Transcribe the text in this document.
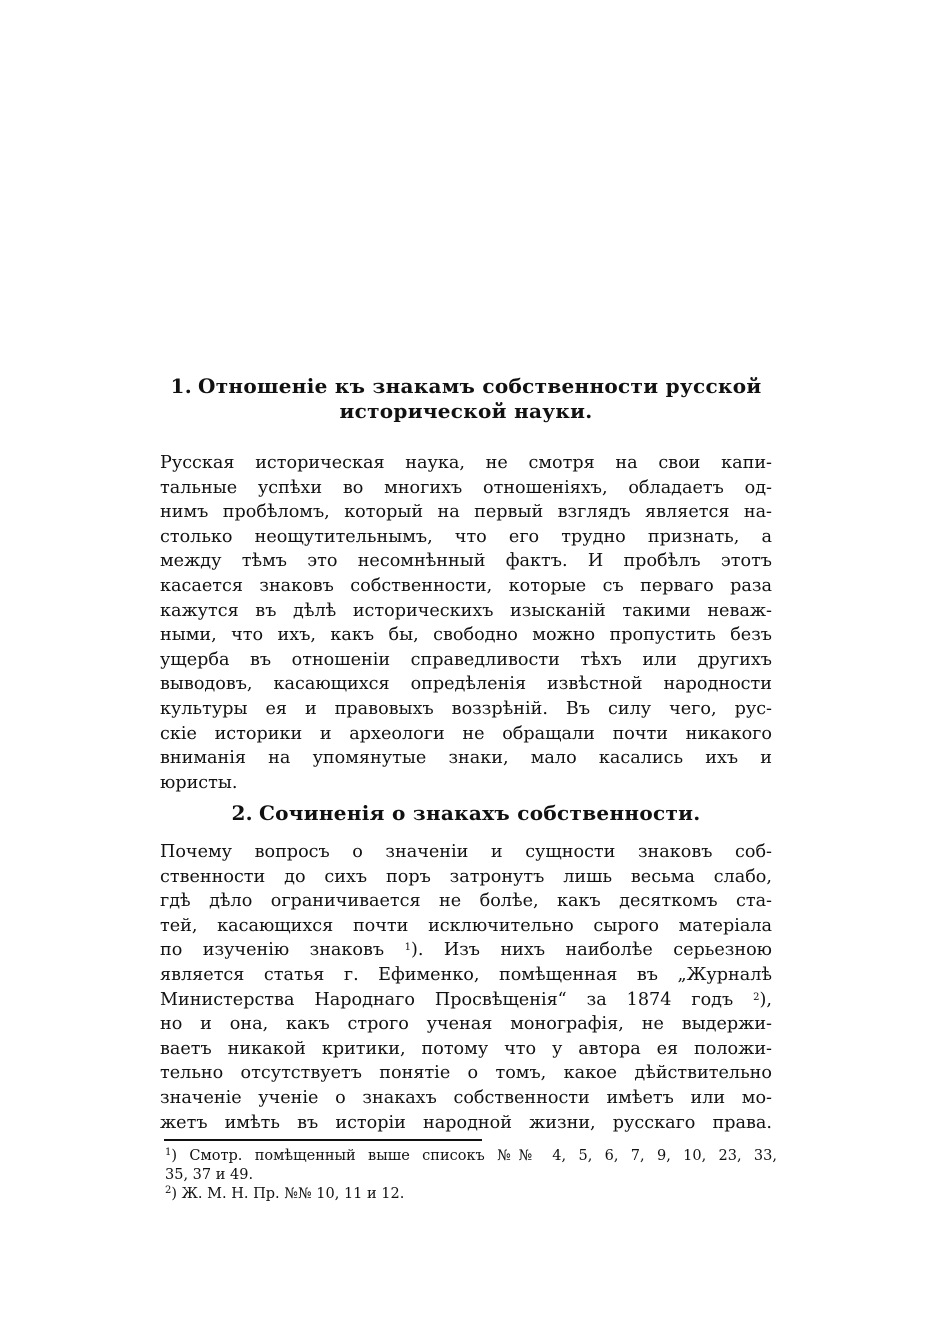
1. Отношеніе къ знакамъ собственности русской

исторической науки.

Русская историческая наука, не смотря на свои капи-
тальные успѣхи во многихъ отношеніяхъ, обладаетъ од-
нимъ пробѣломъ, который на первый взглядъ является на-
столько неощутительнымъ, что его трудно признать, а
между тѣмъ это несомнѣнный фактъ. И пробѣлъ этотъ
касается знаковъ собственности, которые съ перваго раза
кажутся въ дѣлѣ историческихъ изысканій такими неваж-
ными, что ихъ, какъ бы, свободно можно пропустить безъ
ущерба въ отношеніи справедливости тѣхъ или другихъ
выводовъ, касающихся опредѣленія извѣстной народности
культуры ея и правовыхъ воззрѣній. Въ силу чего, рус-
скіе историки и археологи не обращали почти никакого
вниманія на упомянутые знаки, мало касались ихъ и
юристы.

2. Сочиненія о знакахъ собственности.

Почему вопросъ о значеніи и сущности знаковъ соб-
ственности до сихъ поръ затронутъ лишь весьма слабо,
гдѣ дѣло ограничивается не болѣе, какъ десяткомъ ста-
тей, касающихся почти исключительно сырого матеріала
по изученію знаковъ $^1$). Изъ нихъ наиболѣе серьезною
является статья г. Ефименко, помѣщенная въ „Журналѣ
Министерства Народнаго Просвѣщенія“ за 1874 годъ $^2$),
но и она, какъ строго ученая монографія, не выдержи-
ваетъ никакой критики, потому что у автора ея положи-
тельно отсутствуетъ понятіе о томъ, какое дѣйствительно
значеніе ученіе о знакахъ собственности имѣетъ или мо-
жетъ имѣть въ исторіи народной жизни, русскаго права.
$^1$) Смотр. помѣщенный выше списокъ №№ 4, 5, 6, 7, 9, 10, 23, 33,
35, 37 и 49.
$^2$) Ж. М. Н. Пр. №№ 10, 11 и 12.
